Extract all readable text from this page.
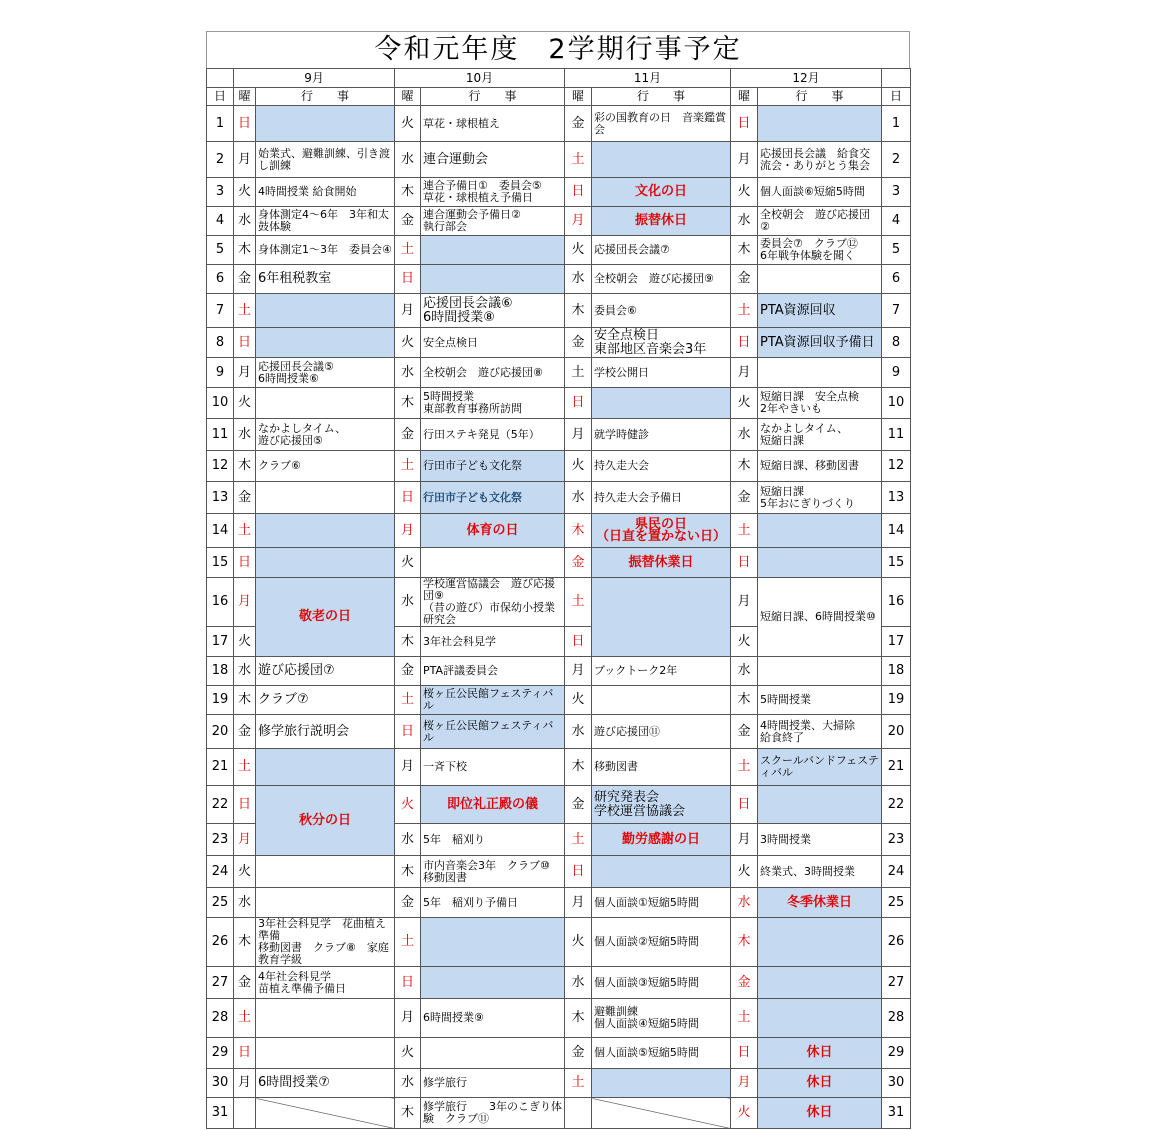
令和元年度　2学期行事予定
	9月		10月		11月		12月		
日	曜	行　　事	曜	行　　事	曜	行　　事	曜	行　　事	日
1	日		火	草花・球根植え	金	彩の国教育の日　音楽鑑賞会	日		1
2	月	始業式、避難訓練、引き渡し訓練	水	連合運動会	土		月	応援団長会議　給食交流会・ありがとう集会	2
3	火	4時間授業 給食開始	木	連合予備日①　委員会⑤
草花・球根植え予備日	日	文化の日	火	個人面談⑥短縮5時間	3
4	水	身体測定4～6年　3年和太鼓体験	金	連合運動会予備日②
執行部会	月	振替休日	水	全校朝会　遊び応援団②	4
5	木	身体測定1～3年　委員会④	土		火	応援団長会議⑦	木	委員会⑦　クラブ⑫
6年戦争体験を聞く	5
6	金	6年租税教室	日		水	全校朝会　遊び応援団⑨	金		6
7	土		月	応援団長会議⑥
6時間授業⑧	木	委員会⑥	土	PTA資源回収	7
8	日		火	安全点検日	金	安全点検日
東部地区音楽会3年	日	PTA資源回収予備日	8
9	月	応援団長会議⑤
6時間授業⑥	水	全校朝会　遊び応援団⑧	土	学校公開日	月		9
10	火		木	5時間授業
東部教育事務所訪問	日		火	短縮日課　安全点検
2年やきいも	10
11	水	なかよしタイム、
遊び応援団⑤	金	行田ステキ発見（5年）	月	就学時健診	水	なかよしタイム、
短縮日課	11
12	木	クラブ⑥	土	行田市子ども文化祭	火	持久走大会	木	短縮日課、移動図書	12
13	金		日	行田市子ども文化祭	水	持久走大会予備日	金	短縮日課
5年おにぎりづくり	13
14	土		月	体育の日	木	県民の日
（日直を置かない日）	土		14
15	日		火		金	振替休業日	日		15
16	月	敬老の日	水	学校運営協議会　遊び応援団⑨
（昔の遊び）市保幼小授業研究会	土		月	短縮日課、6時間授業⑩	16
17	火		木	3年社会科見学	日		火		17
18	水	遊び応援団⑦	金	PTA評議委員会	月	ブックトーク2年	水		18
19	木	クラブ⑦	土	桜ヶ丘公民館フェスティバル	火		木	5時間授業	19
20	金	修学旅行説明会	日	桜ヶ丘公民館フェスティバル	水	遊び応援団⑪	金	4時間授業、大掃除
給食終了	20
21	土		月	一斉下校	木	移動図書	土	スクールバンドフェスティバル	21
22	日	秋分の日	火	即位礼正殿の儀	金	研究発表会
学校運営協議会	日		22
23	月		水	5年　稲刈り	土	勤労感謝の日	月	3時間授業	23
24	火		木	市内音楽会3年　クラブ⑩　　移動図書	日		火	終業式、3時間授業	24
25	水		金	5年　稲刈り予備日	月	個人面談①短縮5時間	水	冬季休業日	25
26	木	3年社会科見学　花曲植え準備
移動図書　クラブ⑧　家庭教育学級	土		火	個人面談②短縮5時間	木		26
27	金	4年社会科見学
苗植え準備予備日	日		水	個人面談③短縮5時間	金		27
28	土		月	6時間授業⑨	木	避難訓練
個人面談④短縮5時間	土		28
29	日		火		金	個人面談⑤短縮5時間	日	休日	29
30	月	6時間授業⑦	水	修学旅行	土		月	休日	30
31			木	修学旅行　　3年のこぎり体験　クラブ⑪			火	休日	31
